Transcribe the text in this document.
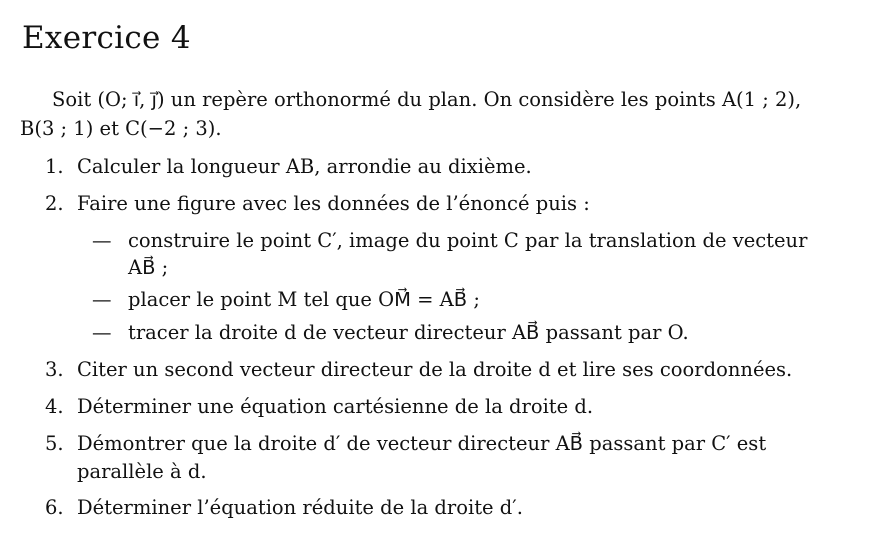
Exercice 4
Soit (O; i⃗, j⃗) un repère orthonormé du plan. On considère les points A(1 ; 2),
B(3 ; 1) et C(−2 ; 3).
1. Calculer la longueur AB, arrondie au dixième.
2. Faire une figure avec les données de l’énoncé puis :
— construire le point C′, image du point C par la translation de vecteur
AB⃗ ;
— placer le point M tel que OM⃗ = AB⃗ ;
— tracer la droite d de vecteur directeur AB⃗ passant par O.
3. Citer un second vecteur directeur de la droite d et lire ses coordonnées.
4. Déterminer une équation cartésienne de la droite d.
5. Démontrer que la droite d′ de vecteur directeur AB⃗ passant par C′ est
parallèle à d.
6. Déterminer l’équation réduite de la droite d′.
